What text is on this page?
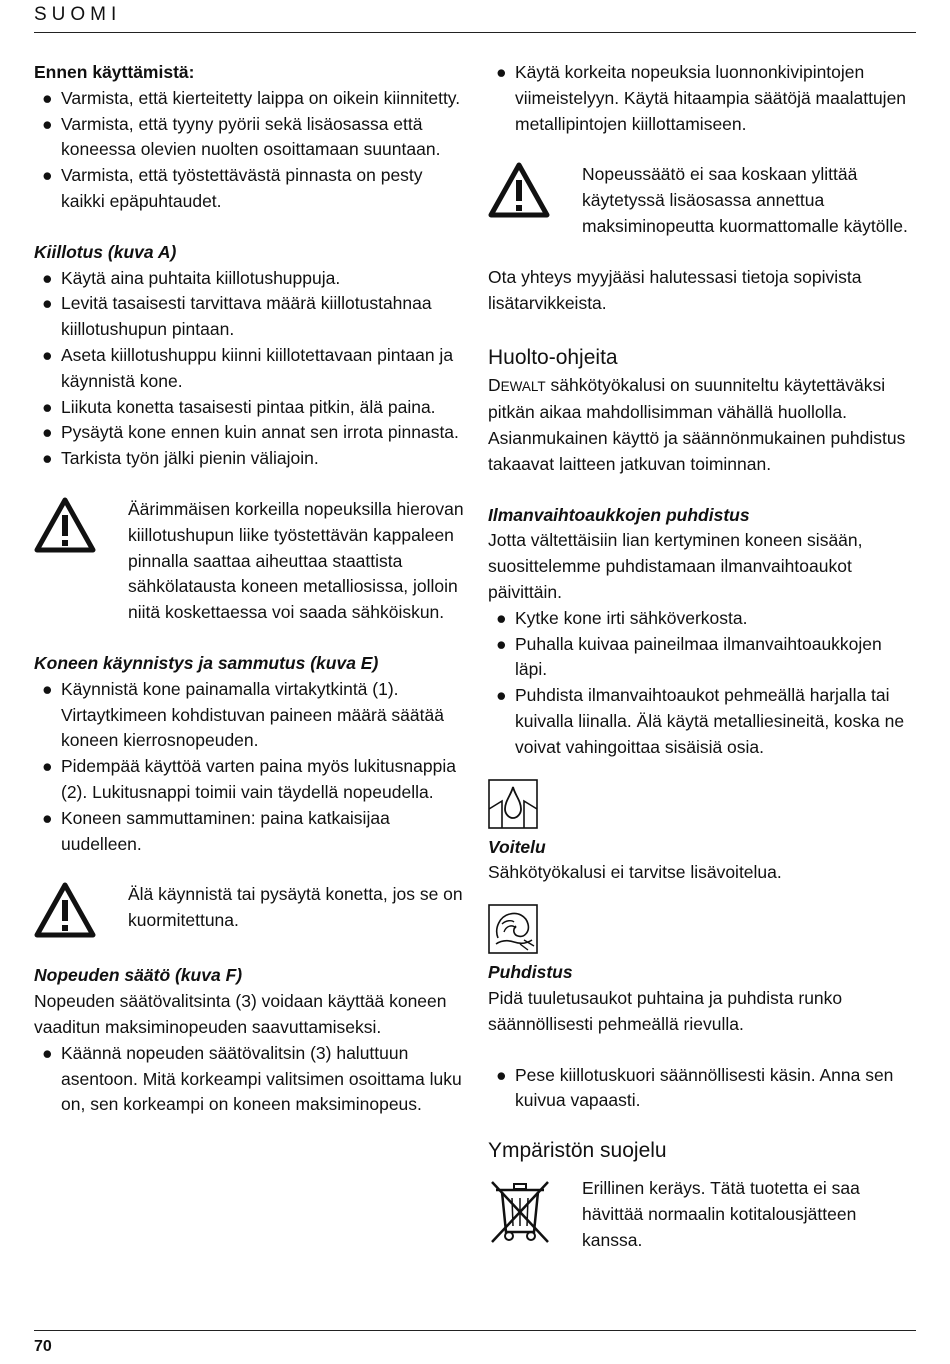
SUOMI

Ennen käyttämistä:

● Varmista, että kierteitetty laippa on oikein kiinnitetty.
● Varmista, että tyyny pyörii sekä lisäosassa että koneessa olevien nuolten osoittamaan suuntaan.
● Varmista, että työstettävästä pinnasta on pesty kaikki epäpuhtaudet.

Kiillotus (kuva A)

● Käytä aina puhtaita kiillotushuppuja.
● Levitä tasaisesti tarvittava määrä kiillotustahnaa kiillotushupun pintaan.
● Aseta kiillotushuppu kiinni kiillotettavaan pintaan ja käynnistä kone.
● Liikuta konetta tasaisesti pintaa pitkin, älä paina.
● Pysäytä kone ennen kuin annat sen irrota pinnasta.
● Tarkista työn jälki pienin väliajoin.

Äärimmäisen korkeilla nopeuksilla hierovan kiillotushupun liike työstettävän kappaleen pinnalla saattaa aiheuttaa staattista sähkölatausta koneen metalliosissa, jolloin niitä koskettaessa voi saada sähköiskun.

Koneen käynnistys ja sammutus (kuva E)

● Käynnistä kone painamalla virtakytkintä (1). Virtaytkimeen kohdistuvan paineen määrä säätää koneen kierrosnopeuden.
● Pidempää käyttöä varten paina myös lukitusnappia (2). Lukitusnappi toimii vain täydellä nopeudella.
● Koneen sammuttaminen: paina katkaisijaa uudelleen.

Älä käynnistä tai pysäytä konetta, jos se on kuormitettuna.

Nopeuden säätö (kuva F)

Nopeuden säätövalitsinta (3) voidaan käyttää koneen vaaditun maksiminopeuden saavuttamiseksi.

● Käännä nopeuden säätövalitsin (3) haluttuun asentoon. Mitä korkeampi valitsimen osoittama luku on, sen korkeampi on koneen maksiminopeus.
● Käytä korkeita nopeuksia luonnonkivipintojen viimeistelyyn. Käytä hitaampia säätöjä maalattujen metallipintojen kiillottamiseen.

Nopeussäätö ei saa koskaan ylittää käytetyssä lisäosassa annettua maksiminopeutta kuormattomalle käytölle.

Ota yhteys myyjääsi halutessasi tietoja sopivista lisätarvikkeista.

Huolto-ohjeita

DEWALT sähkötyökalusi on suunniteltu käytettäväksi pitkän aikaa mahdollisimman vähällä huollolla. Asianmukainen käyttö ja säännönmukainen puhdistus takaavat laitteen jatkuvan toiminnan.

Ilmanvaihtoaukkojen puhdistus

Jotta vältettäisiin lian kertyminen koneen sisään, suosittelemme puhdistamaan ilmanvaihtoaukot päivittäin.

● Kytke kone irti sähköverkosta.
● Puhalla kuivaa paineilmaa ilmanvaihtoaukkojen läpi.
● Puhdista ilmanvaihtoaukot pehmeällä harjalla tai kuivalla liinalla. Älä käytä metalliesineitä, koska ne voivat vahingoittaa sisäisiä osia.

Voitelu

Sähkötyökalusi ei tarvitse lisävoitelua.

Puhdistus

Pidä tuuletusaukot puhtaina ja puhdista runko säännöllisesti pehmeällä rievulla.

● Pese kiillotuskuori säännöllisesti käsin. Anna sen kuivua vapaasti.

Ympäristön suojelu

Erillinen keräys. Tätä tuotetta ei saa hävittää normaalin kotitalousjätteen kanssa.

70
